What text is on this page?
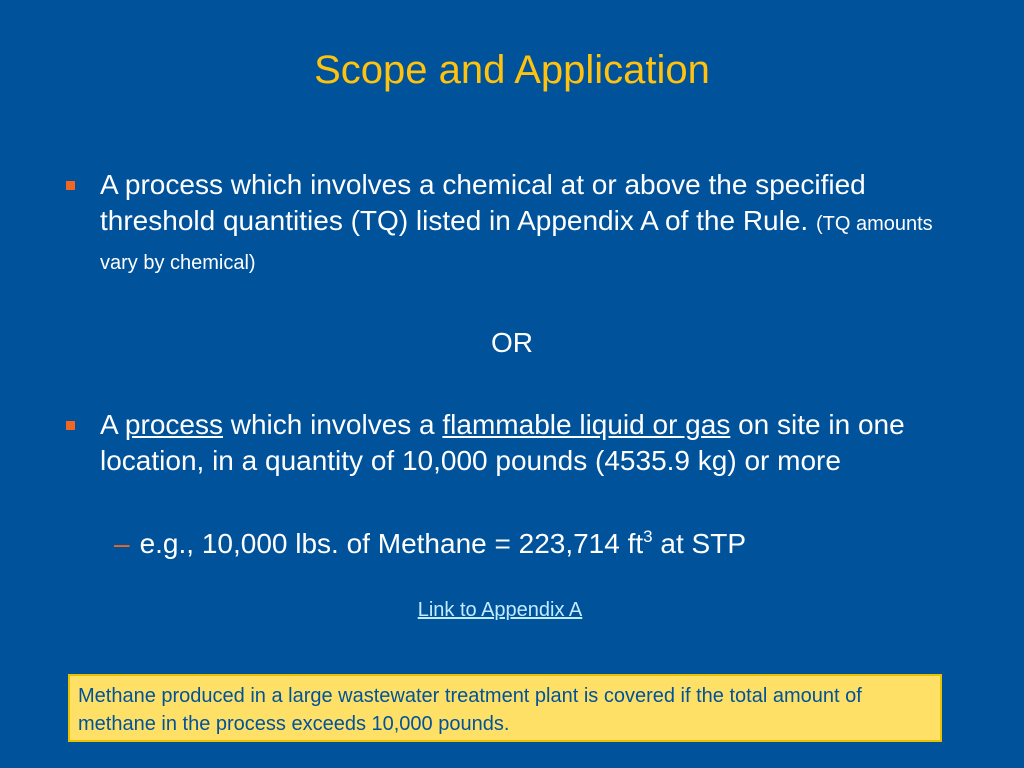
Scope and Application
A process which involves a chemical at or above the specified threshold quantities (TQ) listed in Appendix A of the Rule. (TQ amounts vary by chemical)
OR
A process which involves a flammable liquid or gas on site in one location, in a quantity of 10,000 pounds (4535.9 kg) or more
– e.g., 10,000 lbs. of Methane = 223,714 $ft^3$ at STP
Link to Appendix A
Methane produced in a large wastewater treatment plant is covered if the total amount of methane in the process exceeds 10,000 pounds.
